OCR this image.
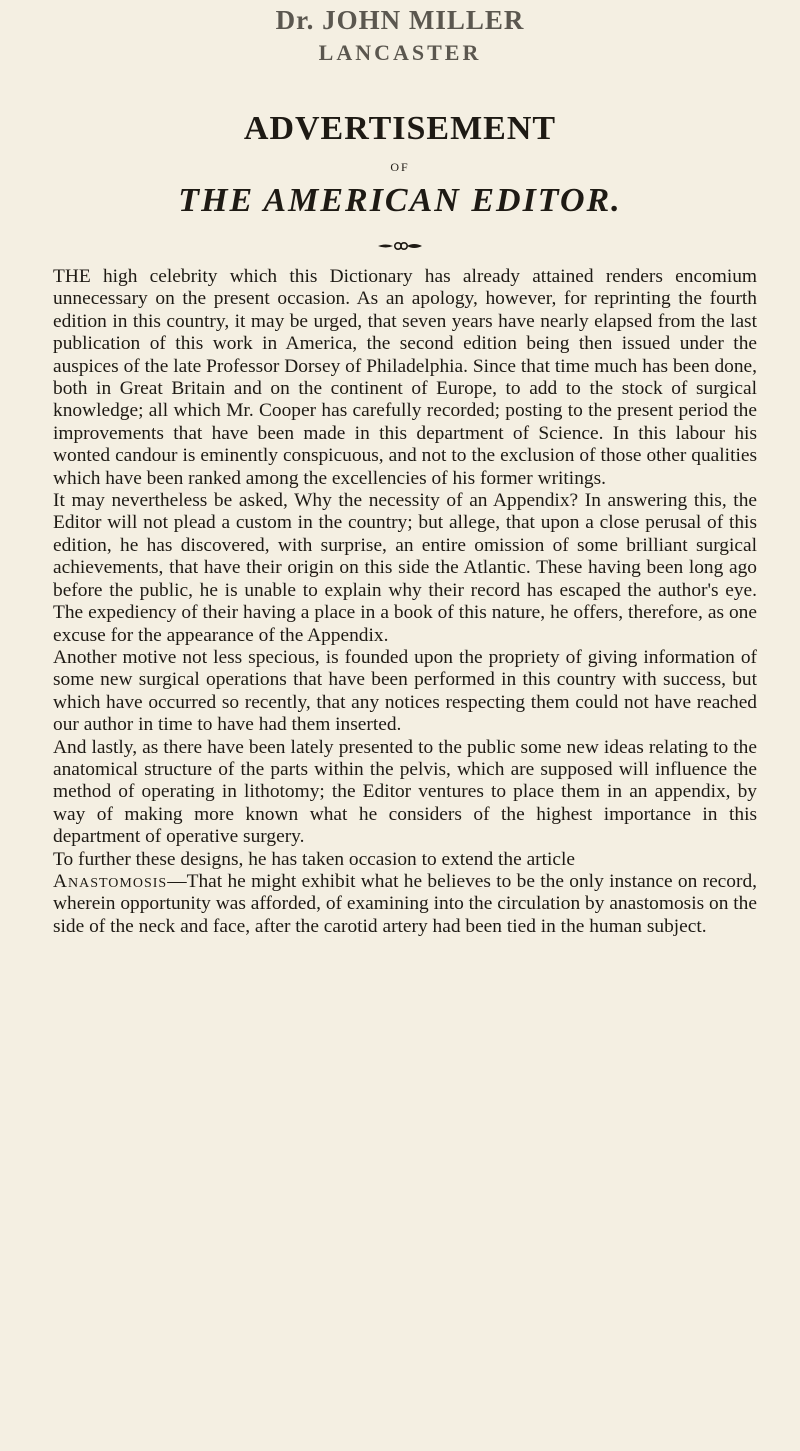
Dr. JOHN MILLER
LANCASTER
ADVERTISEMENT
OF
THE AMERICAN EDITOR.

THE high celebrity which this Dictionary has already attained renders encomium unnecessary on the present occasion. As an apology, however, for reprinting the fourth edition in this country, it may be urged, that seven years have nearly elapsed from the last publication of this work in America, the second edition being then issued under the auspices of the late Professor Dorsey of Philadelphia. Since that time much has been done, both in Great Britain and on the continent of Europe, to add to the stock of surgical knowledge; all which Mr. Cooper has carefully recorded; posting to the present period the improvements that have been made in this department of Science. In this labour his wonted candour is eminently conspicuous, and not to the exclusion of those other qualities which have been ranked among the excellencies of his former writings.

It may nevertheless be asked, Why the necessity of an Appendix? In answering this, the Editor will not plead a custom in the country; but allege, that upon a close perusal of this edition, he has discovered, with surprise, an entire omission of some brilliant surgical achievements, that have their origin on this side the Atlantic. These having been long ago before the public, he is unable to explain why their record has escaped the author's eye. The expediency of their having a place in a book of this nature, he offers, therefore, as one excuse for the appearance of the Appendix.

Another motive not less specious, is founded upon the propriety of giving information of some new surgical operations that have been performed in this country with success, but which have occurred so recently, that any notices respecting them could not have reached our author in time to have had them inserted.

And lastly, as there have been lately presented to the public some new ideas relating to the anatomical structure of the parts within the pelvis, which are supposed will influence the method of operating in lithotomy; the Editor ventures to place them in an appendix, by way of making more known what he considers of the highest importance in this department of operative surgery.

To further these designs, he has taken occasion to extend the article

Anastomosis—That he might exhibit what he believes to be the only instance on record, wherein opportunity was afforded, of examining into the circulation by anastomosis on the side of the neck and face, after the carotid artery had been tied in the human subject.
